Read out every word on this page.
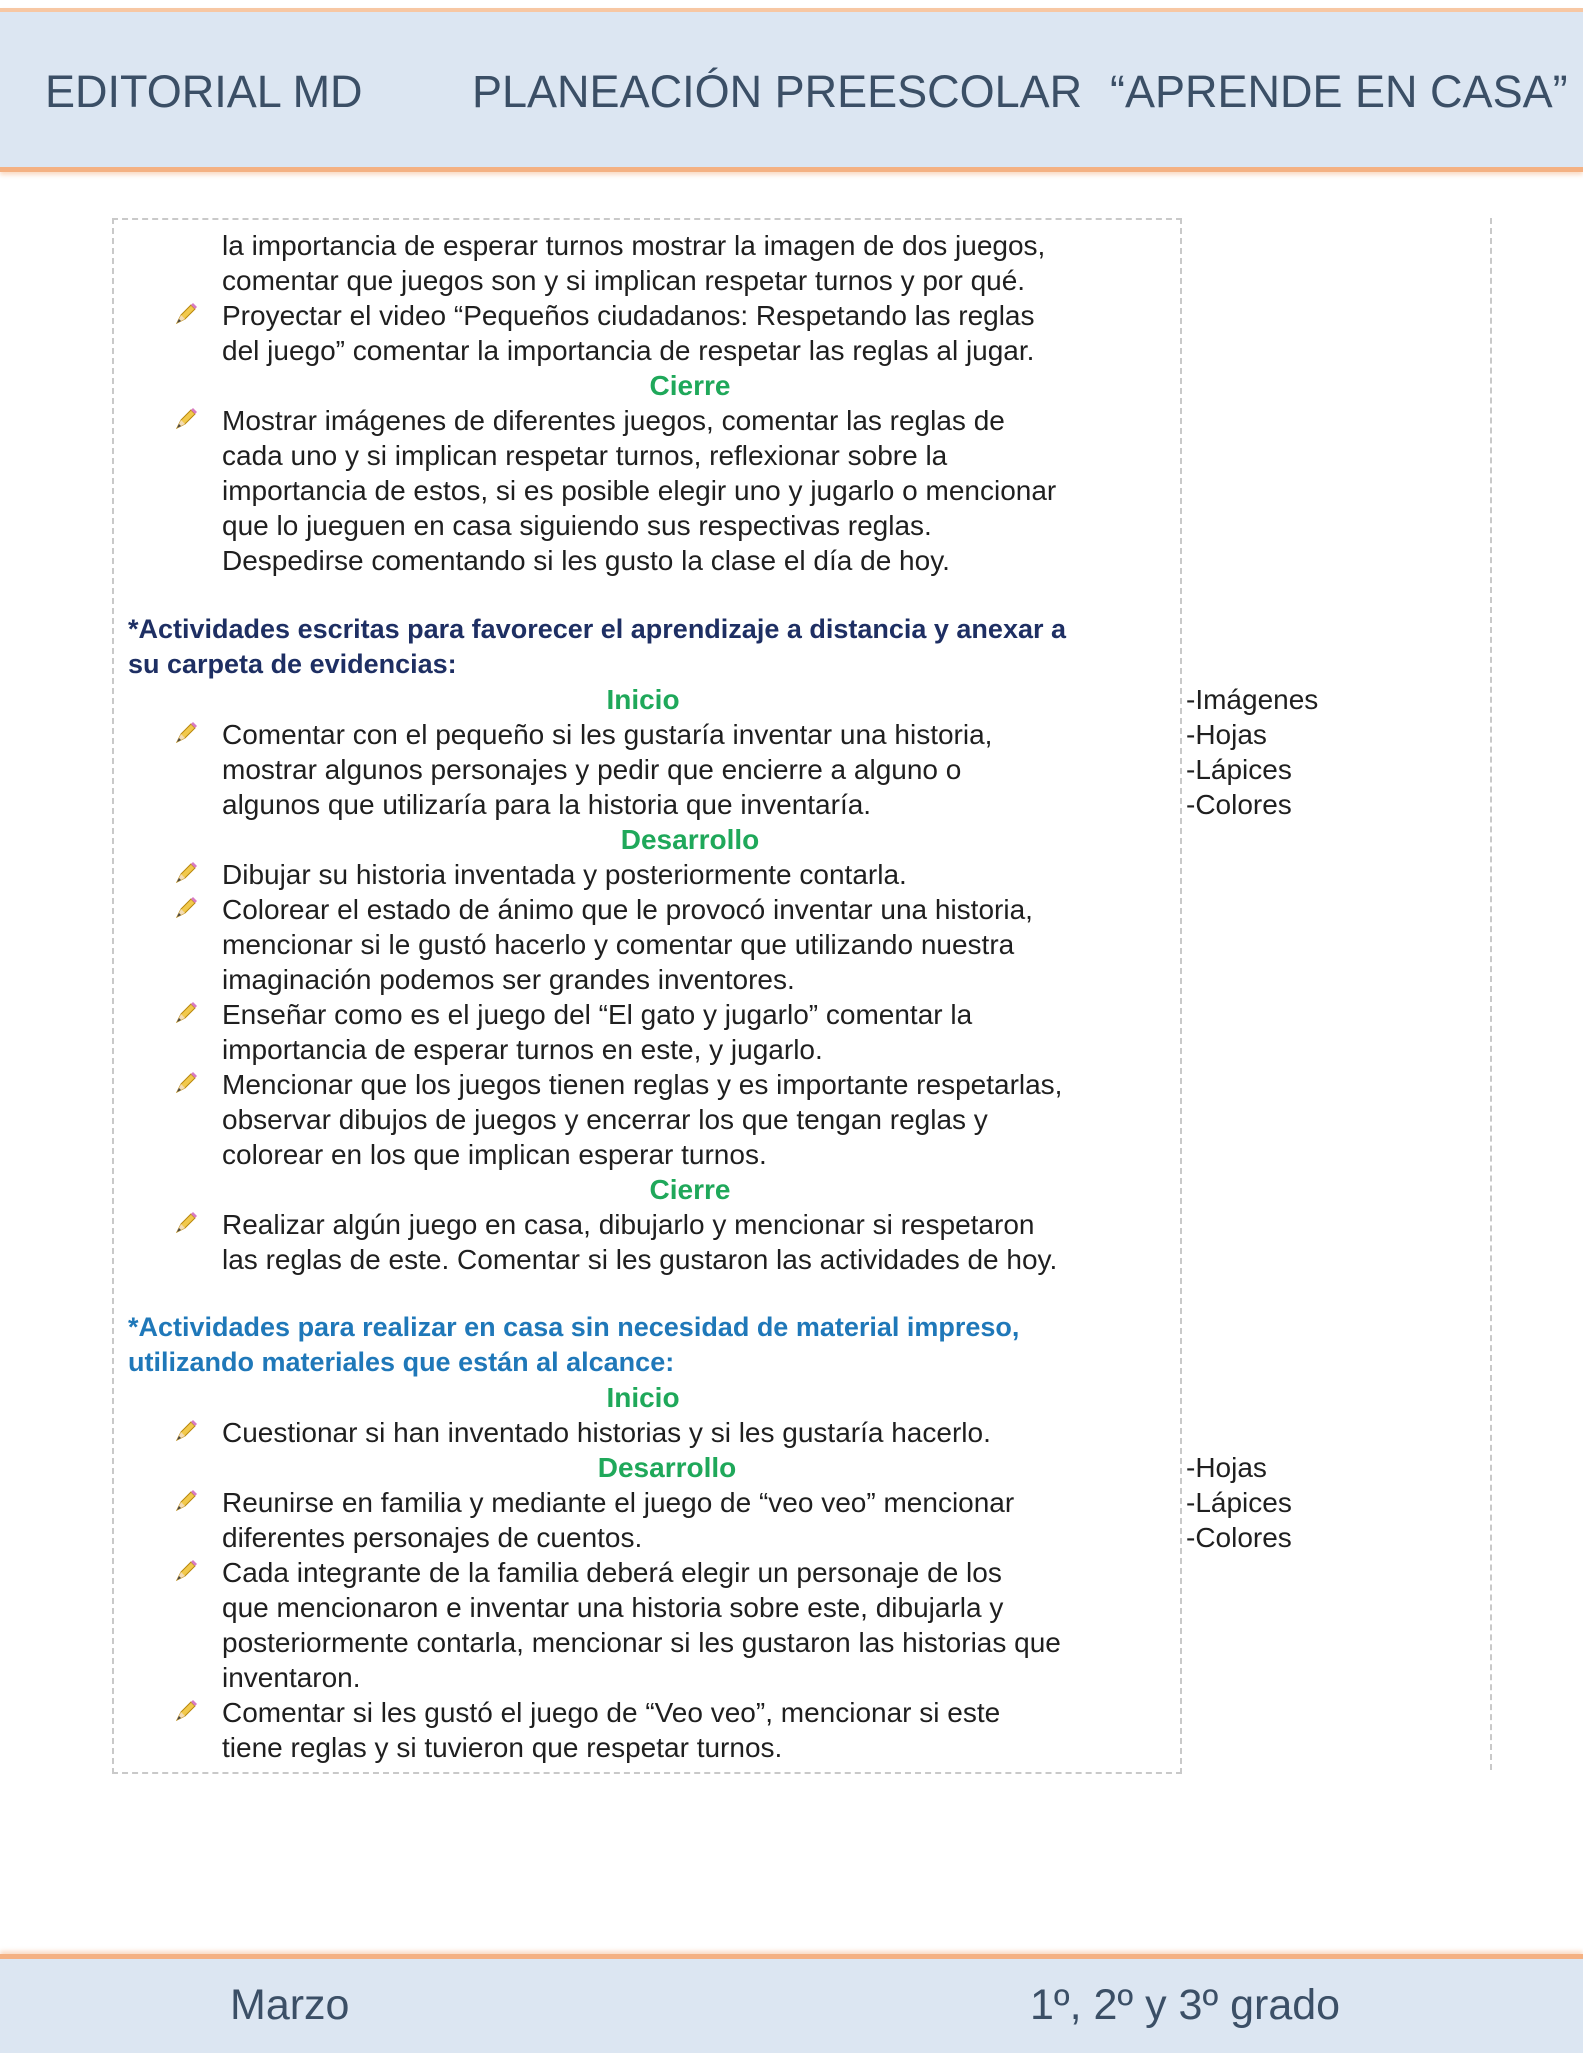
EDITORIAL MD PLANEACIÓN PREESCOLAR “APRENDE EN CASA”
la importancia de esperar turnos mostrar la imagen de dos juegos,
comentar que juegos son y si implican respetar turnos y por qué.
Proyectar el video “Pequeños ciudadanos: Respetando las reglas
del juego” comentar la importancia de respetar las reglas al jugar.
Cierre
Mostrar imágenes de diferentes juegos, comentar las reglas de
cada uno y si implican respetar turnos, reflexionar sobre la
importancia de estos, si es posible elegir uno y jugarlo o mencionar
que lo jueguen en casa siguiendo sus respectivas reglas.
Despedirse comentando si les gusto la clase el día de hoy.
*Actividades escritas para favorecer el aprendizaje a distancia y anexar a
su carpeta de evidencias:
Inicio
Comentar con el pequeño si les gustaría inventar una historia,
mostrar algunos personajes y pedir que encierre a alguno o
algunos que utilizaría para la historia que inventaría.
Desarrollo
Dibujar su historia inventada y posteriormente contarla.
Colorear el estado de ánimo que le provocó inventar una historia,
mencionar si le gustó hacerlo y comentar que utilizando nuestra
imaginación podemos ser grandes inventores.
Enseñar como es el juego del “El gato y jugarlo” comentar la
importancia de esperar turnos en este, y jugarlo.
Mencionar que los juegos tienen reglas y es importante respetarlas,
observar dibujos de juegos y encerrar los que tengan reglas y
colorear en los que implican esperar turnos.
Cierre
Realizar algún juego en casa, dibujarlo y mencionar si respetaron
las reglas de este. Comentar si les gustaron las actividades de hoy.
-Imágenes
-Hojas
-Lápices
-Colores
*Actividades para realizar en casa sin necesidad de material impreso,
utilizando materiales que están al alcance:
Inicio
Cuestionar si han inventado historias y si les gustaría hacerlo.
Desarrollo
Reunirse en familia y mediante el juego de “veo veo” mencionar
diferentes personajes de cuentos.
Cada integrante de la familia deberá elegir un personaje de los
que mencionaron e inventar una historia sobre este, dibujarla y
posteriormente contarla, mencionar si les gustaron las historias que
inventaron.
Comentar si les gustó el juego de “Veo veo”, mencionar si este
tiene reglas y si tuvieron que respetar turnos.
-Hojas
-Lápices
-Colores
Marzo	1º, 2º y 3º grado
